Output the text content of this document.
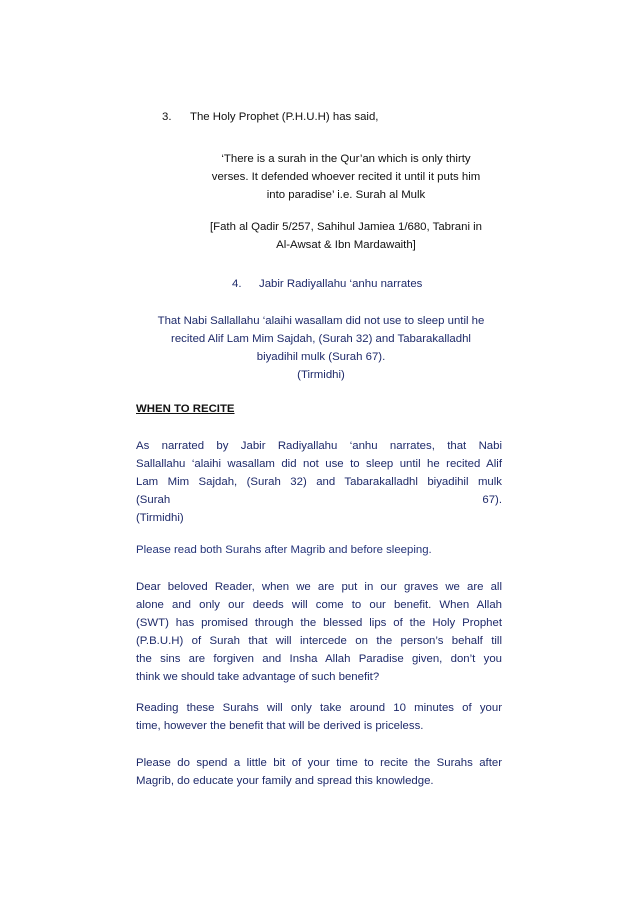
3. The Holy Prophet (P.H.U.H) has said,
‘There is a surah in the Qur’an which is only thirty
verses. It defended whoever recited it until it puts him
into paradise’ i.e. Surah al Mulk
[Fath al Qadir 5/257, Sahihul Jamiea 1/680, Tabrani in
Al-Awsat & Ibn Mardawaith]
4. Jabir Radiyallahu ‘anhu narrates
That Nabi Sallallahu ‘alaihi wasallam did not use to sleep until he
recited Alif Lam Mim Sajdah, (Surah 32) and Tabarakalladhl
biyadihil mulk (Surah 67).
(Tirmidhi)
WHEN TO RECITE
As narrated by Jabir Radiyallahu ‘anhu narrates, that Nabi
Sallallahu ‘alaihi wasallam did not use to sleep until he recited Alif
Lam Mim Sajdah, (Surah 32) and Tabarakalladhl biyadihil mulk
(Surah 67).
(Tirmidhi)
Please read both Surahs after Magrib and before sleeping.
Dear beloved Reader, when we are put in our graves we are all
alone and only our deeds will come to our benefit. When Allah
(SWT) has promised through the blessed lips of the Holy Prophet
(P.B.U.H) of Surah that will intercede on the person’s behalf till
the sins are forgiven and Insha Allah Paradise given, don’t you
think we should take advantage of such benefit?
Reading these Surahs will only take around 10 minutes of your
time, however the benefit that will be derived is priceless.
Please do spend a little bit of your time to recite the Surahs after
Magrib, do educate your family and spread this knowledge.
